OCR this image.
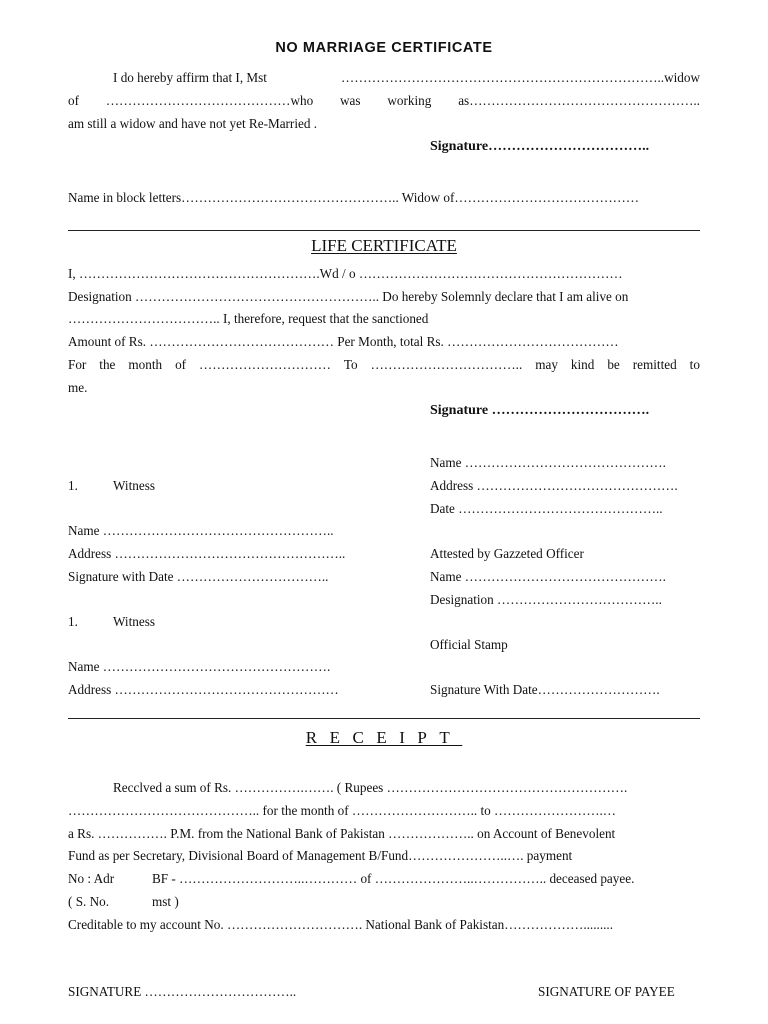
NO MARRIAGE CERTIFICATE
I do hereby affirm that I, Mst	………………………………………………………………..widow
of ……………………………………who was working as……………………………………………..
am still a widow and have not yet Re-Married .
Signature……………………………..
Name in block letters………………………………………….. Widow of……………………………………
LIFE CERTIFICATE
I, ……………………………………………….Wd / o ……………………………………………………
Designation ……………………………………………….. Do hereby Solemnly declare that I am alive on
…………………………….. I, therefore, request that the sanctioned
Amount of Rs. …………………………………… Per Month, total Rs. …………………………………
For the month of ………………………… To …………………………….. may kind be remitted to
me.
Signature …………………………….
Name ……………………………………….
Address ……………………………………….
Date ………………………………………..
Attested by Gazzeted Officer
Name ……………………………………….
Designation ………………………………..
Official Stamp
Signature With Date……………………….
1.	Witness
Name ……………………………………………..
Address ……………………………………………..
Signature with Date ……………………………..
1.	Witness
Name …………………………………………….
Address ……………………………………………
RECEIPT
Recclved a sum of Rs. …………….……. ( Rupees ……………………………………………….
…………………………………….. for the month of ……………………….. to …………………….…
a Rs. ……………. P.M. from the National Bank of Pakistan ……………….. on Account of Benevolent
Fund as per Secretary, Divisional Board of Management B/Fund…………………..…. payment
No : Adr	BF - ………………………..………… of …………………..…………….. deceased payee.
( S. No.	mst )
Creditable to my account No. …………………………. National Bank of Pakistan……………….........
SIGNATURE ……………………………..	SIGNATURE OF PAYEE
